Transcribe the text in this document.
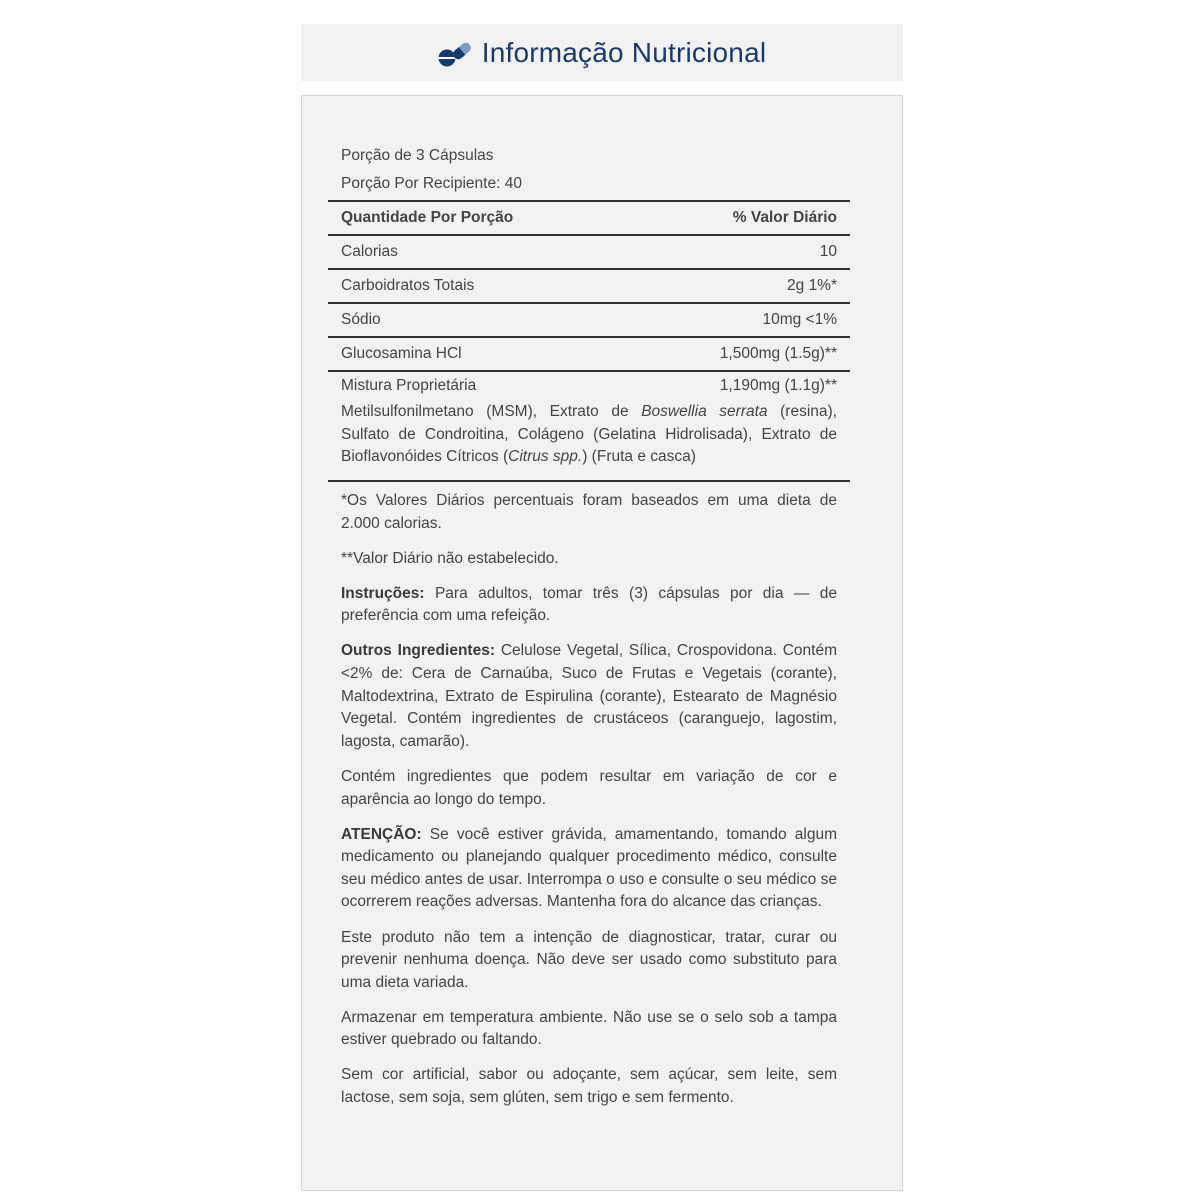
Informação Nutricional
Porção de 3 Cápsulas
Porção Por Recipiente: 40
Quantidade Por Porção	% Valor Diário
Calorias	10
Carboidratos Totais	2g 1%*
Sódio	10mg <1%
Glucosamina HCl	1,500mg (1.5g)**
Mistura Proprietária	1,190mg (1.1g)**
Metilsulfonilmetano (MSM), Extrato de Boswellia serrata (resina), Sulfato de Condroitina, Colágeno (Gelatina Hidrolisada), Extrato de Bioflavonóides Cítricos (Citrus spp.) (Fruta e casca)

*Os Valores Diários percentuais foram baseados em uma dieta de 2.000 calorias.

**Valor Diário não estabelecido.

Instruções: Para adultos, tomar três (3) cápsulas por dia — de preferência com uma refeição.

Outros Ingredientes: Celulose Vegetal, Sílica, Crospovidona. Contém <2% de: Cera de Carnaúba, Suco de Frutas e Vegetais (corante), Maltodextrina, Extrato de Espirulina (corante), Estearato de Magnésio Vegetal. Contém ingredientes de crustáceos (caranguejo, lagostim, lagosta, camarão).

Contém ingredientes que podem resultar em variação de cor e aparência ao longo do tempo.

ATENÇÃO: Se você estiver grávida, amamentando, tomando algum medicamento ou planejando qualquer procedimento médico, consulte seu médico antes de usar. Interrompa o uso e consulte o seu médico se ocorrerem reações adversas. Mantenha fora do alcance das crianças.

Este produto não tem a intenção de diagnosticar, tratar, curar ou prevenir nenhuma doença. Não deve ser usado como substituto para uma dieta variada.

Armazenar em temperatura ambiente. Não use se o selo sob a tampa estiver quebrado ou faltando.

Sem cor artificial, sabor ou adoçante, sem açúcar, sem leite, sem lactose, sem soja, sem glúten, sem trigo e sem fermento.
